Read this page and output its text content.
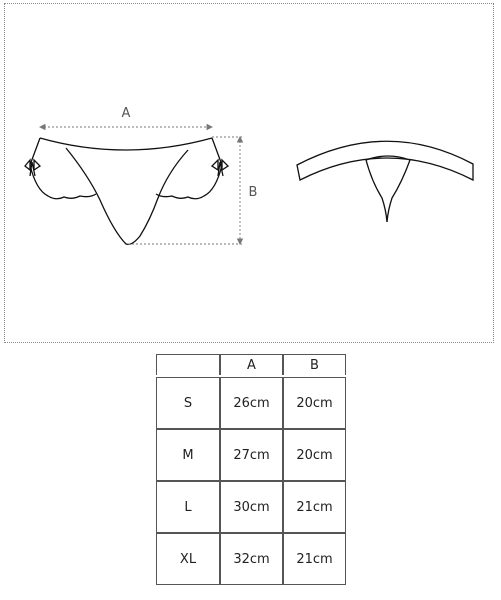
A
B
	A	B

S	26cm	20cm
M	27cm	20cm
L	30cm	21cm
XL	32cm	21cm
